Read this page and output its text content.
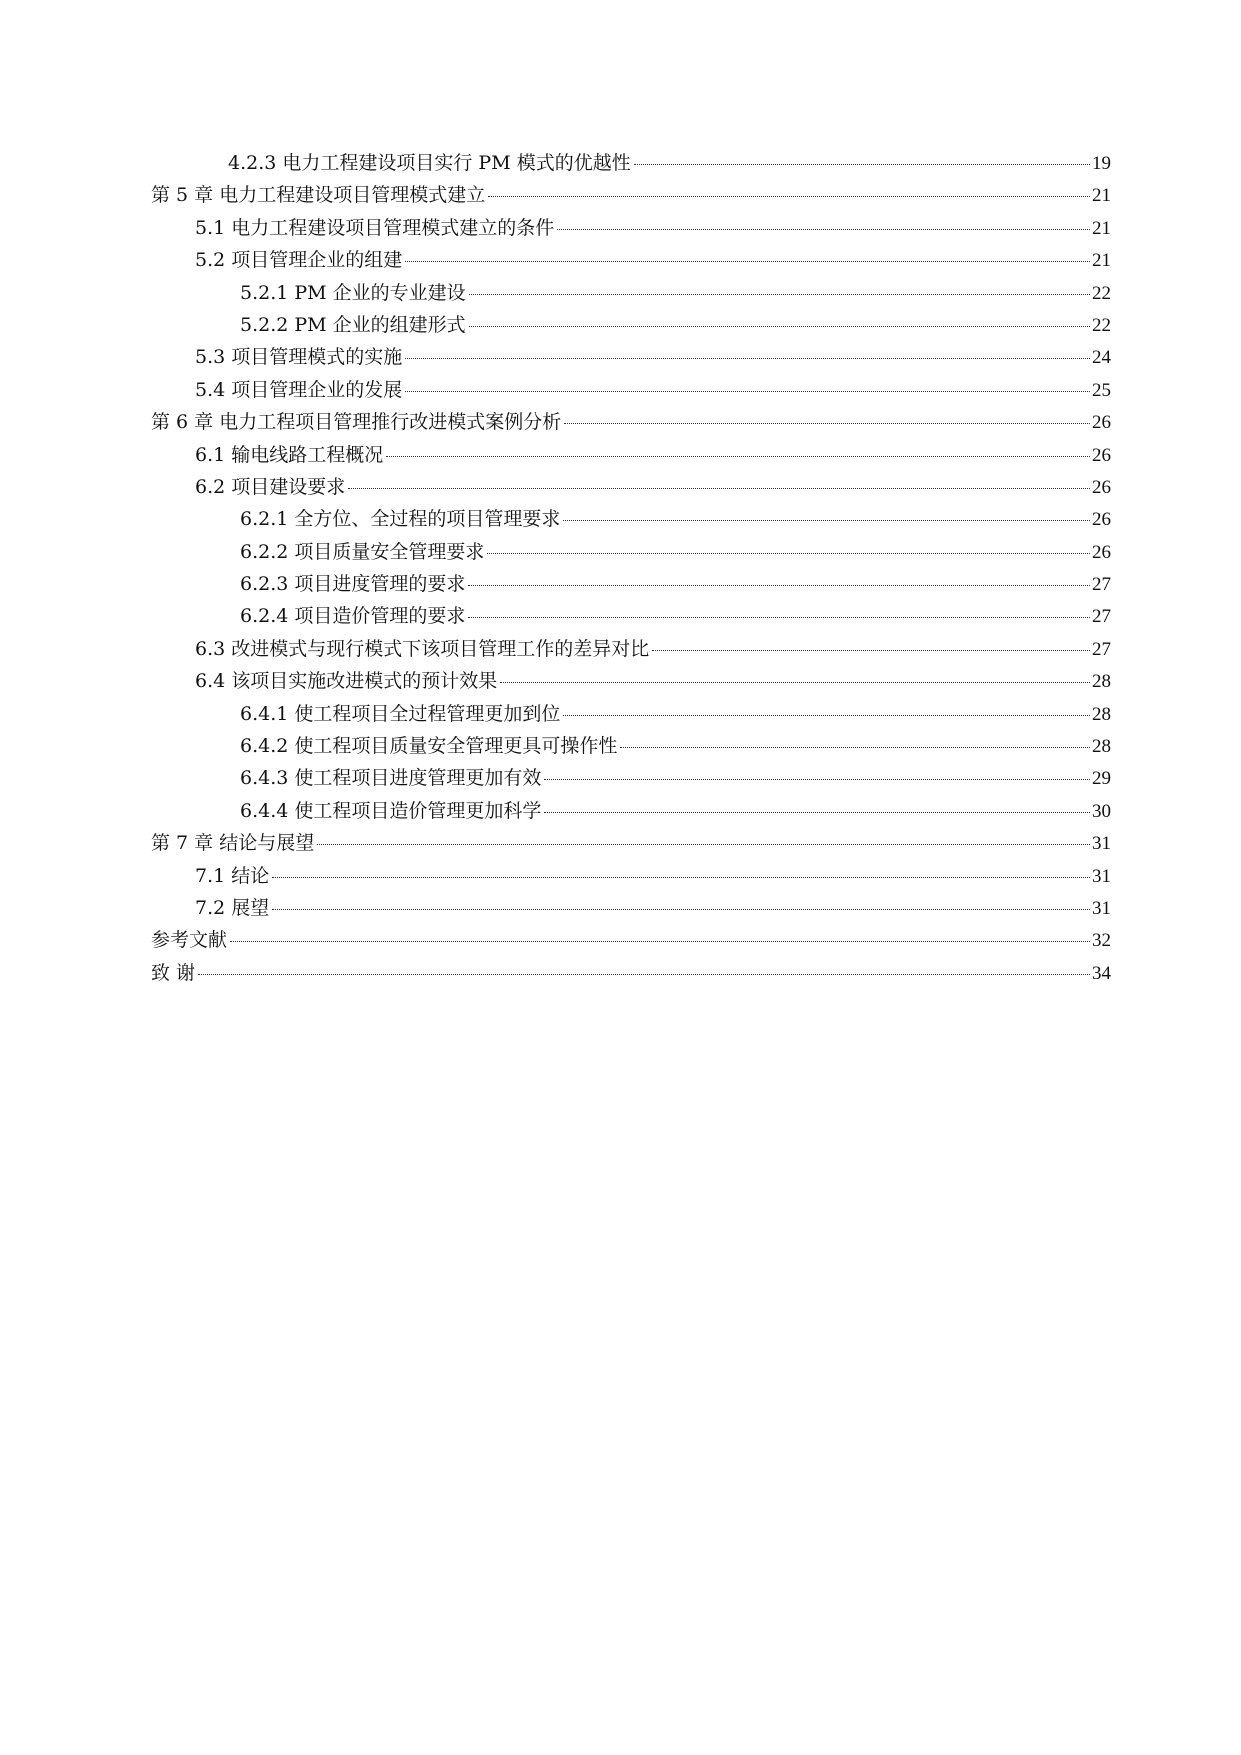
4.2.3 电力工程建设项目实行 PM 模式的优越性	19
第 5 章 电力工程建设项目管理模式建立	21
5.1 电力工程建设项目管理模式建立的条件	21
5.2 项目管理企业的组建	21
5.2.1 PM 企业的专业建设	22
5.2.2 PM 企业的组建形式	22
5.3 项目管理模式的实施	24
5.4 项目管理企业的发展	25
第 6 章 电力工程项目管理推行改进模式案例分析	26
6.1 输电线路工程概况	26
6.2 项目建设要求	26
6.2.1 全方位、全过程的项目管理要求	26
6.2.2 项目质量安全管理要求	26
6.2.3 项目进度管理的要求	27
6.2.4 项目造价管理的要求	27
6.3 改进模式与现行模式下该项目管理工作的差异对比	27
6.4 该项目实施改进模式的预计效果	28
6.4.1 使工程项目全过程管理更加到位	28
6.4.2 使工程项目质量安全管理更具可操作性	28
6.4.3 使工程项目进度管理更加有效	29
6.4.4 使工程项目造价管理更加科学	30
第 7 章 结论与展望	31
7.1 结论	31
7.2 展望	31
参考文献	32
致 谢	34
